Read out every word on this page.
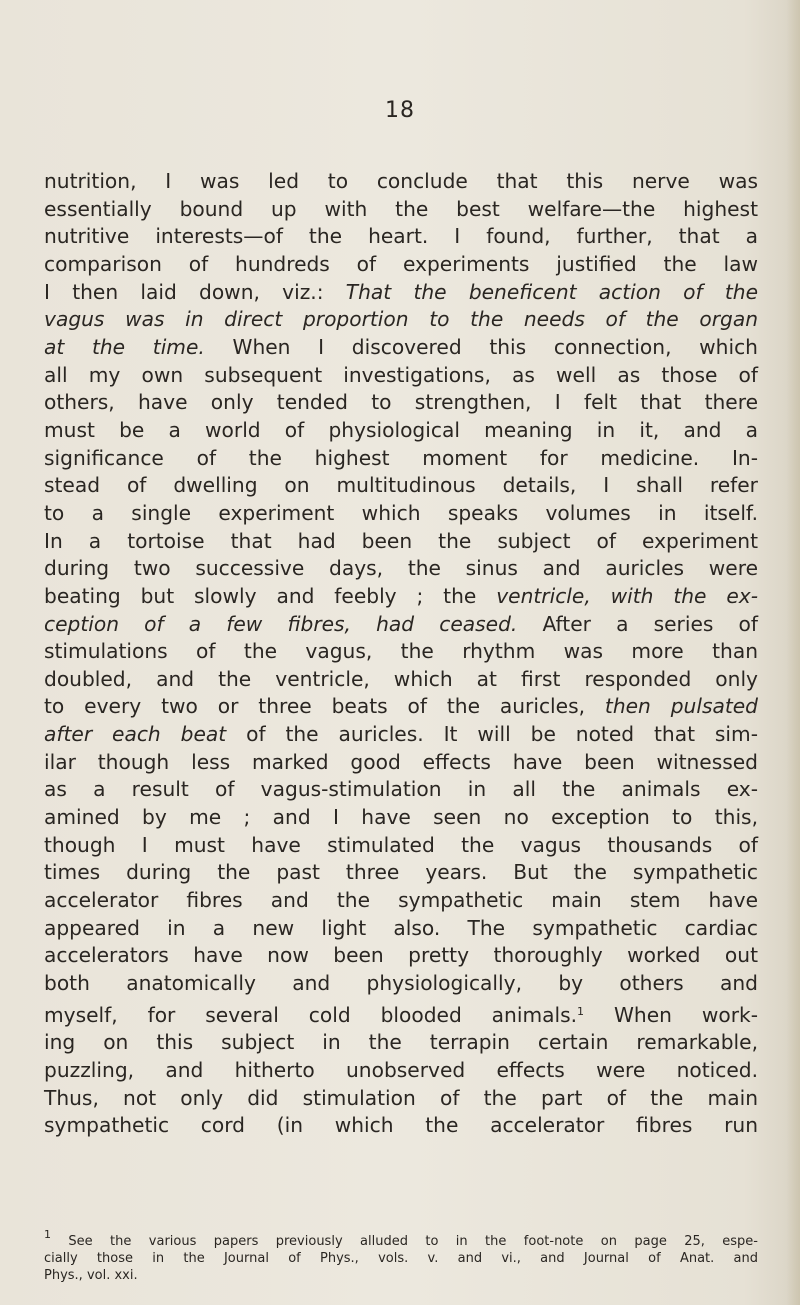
18
nutrition, I was led to conclude that this nerve was
essentially bound up with the best welfare—the highest
nutritive interests—of the heart. I found, further, that a
comparison of hundreds of experiments justified the law
I then laid down, viz.: That the beneficent action of the
vagus was in direct proportion to the needs of the organ
at the time. When I discovered this connection, which
all my own subsequent investigations, as well as those of
others, have only tended to strengthen, I felt that there
must be a world of physiological meaning in it, and a
significance of the highest moment for medicine. In-
stead of dwelling on multitudinous details, I shall refer
to a single experiment which speaks volumes in itself.
In a tortoise that had been the subject of experiment
during two successive days, the sinus and auricles were
beating but slowly and feebly ; the ventricle, with the ex-
ception of a few fibres, had ceased. After a series of
stimulations of the vagus, the rhythm was more than
doubled, and the ventricle, which at first responded only
to every two or three beats of the auricles, then pulsated
after each beat of the auricles. It will be noted that sim-
ilar though less marked good effects have been witnessed
as a result of vagus-stimulation in all the animals ex-
amined by me ; and I have seen no exception to this,
though I must have stimulated the vagus thousands of
times during the past three years. But the sympathetic
accelerator fibres and the sympathetic main stem have
appeared in a new light also. The sympathetic cardiac
accelerators have now been pretty thoroughly worked out
both anatomically and physiologically, by others and
myself, for several cold blooded animals.$^1$ When work-
ing on this subject in the terrapin certain remarkable,
puzzling, and hitherto unobserved effects were noticed.
Thus, not only did stimulation of the part of the main
sympathetic cord (in which the accelerator fibres run
$^1$ See the various papers previously alluded to in the foot-note on page 25, espe-
cially those in the Journal of Phys., vols. v. and vi., and Journal of Anat. and
Phys., vol. xxi.
